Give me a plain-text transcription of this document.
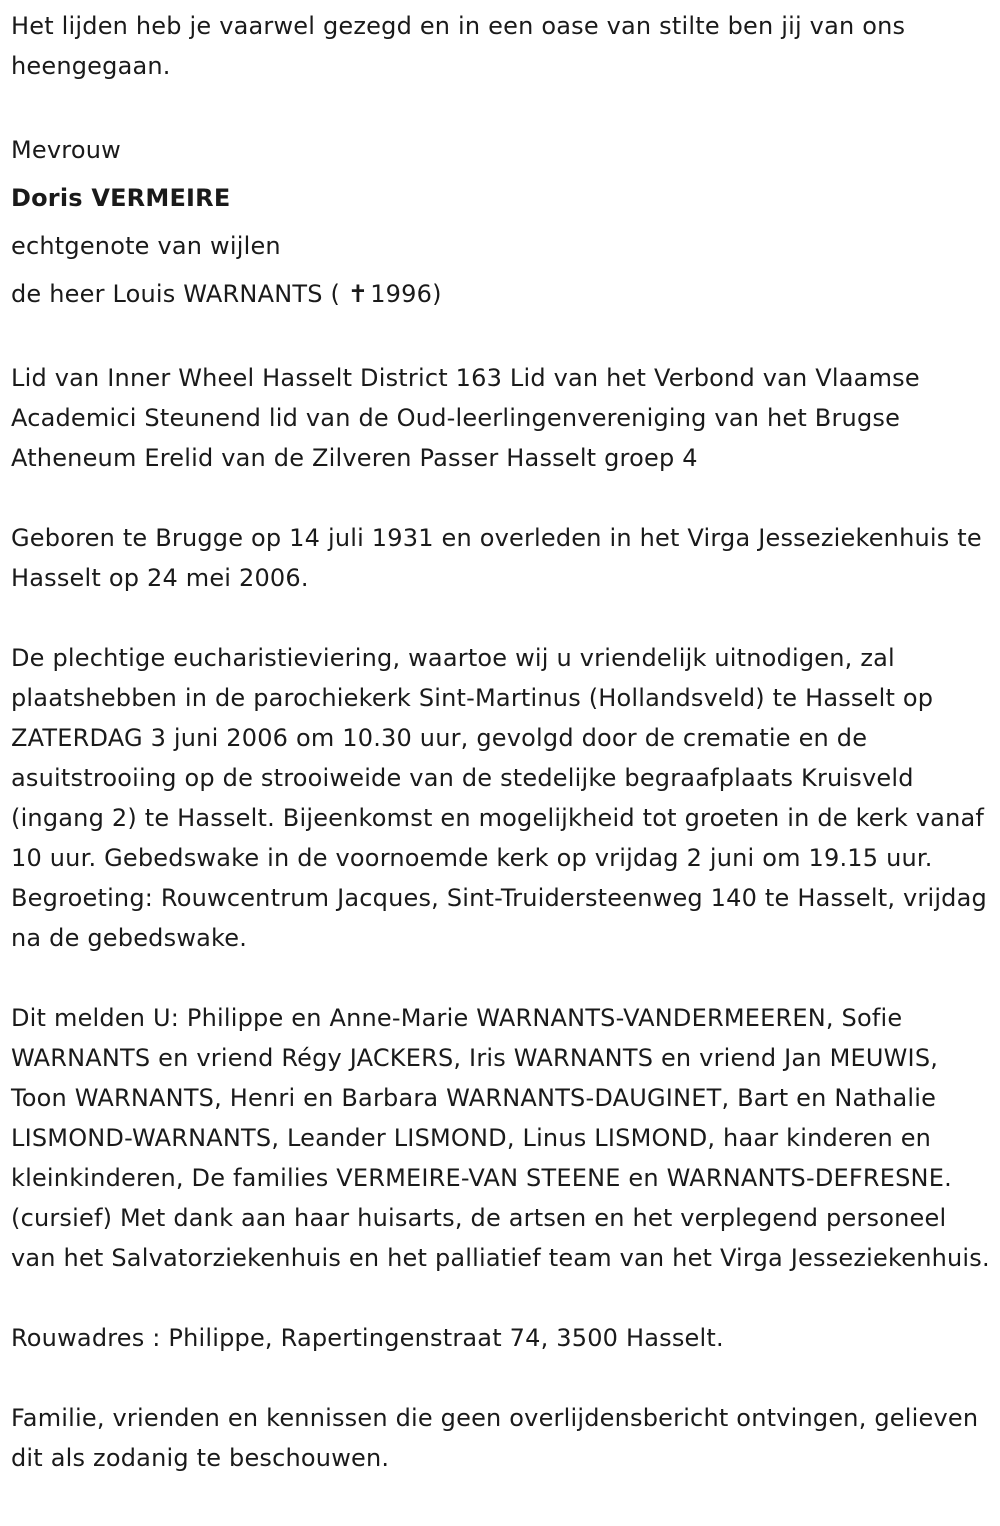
Het lijden heb je vaarwel gezegd en in een oase van stilte ben jij van ons heengegaan.

Mevrouw

Doris VERMEIRE

echtgenote van wijlen

de heer Louis WARNANTS ( ✝1996)

Lid van Inner Wheel Hasselt District 163 Lid van het Verbond van Vlaamse Academici Steunend lid van de Oud-leerlingenvereniging van het Brugse Atheneum Erelid van de Zilveren Passer Hasselt groep 4

Geboren te Brugge op 14 juli 1931 en overleden in het Virga Jesseziekenhuis te Hasselt op 24 mei 2006.

De plechtige eucharistieviering, waartoe wij u vriendelijk uitnodigen, zal plaatshebben in de parochiekerk Sint-Martinus (Hollandsveld) te Hasselt op ZATERDAG 3 juni 2006 om 10.30 uur, gevolgd door de crematie en de asuitstrooiing op de strooiweide van de stedelijke begraafplaats Kruisveld (ingang 2) te Hasselt. Bijeenkomst en mogelijkheid tot groeten in de kerk vanaf 10 uur. Gebedswake in de voornoemde kerk op vrijdag 2 juni om 19.15 uur. Begroeting: Rouwcentrum Jacques, Sint-Truidersteenweg 140 te Hasselt, vrijdag na de gebedswake.

Dit melden U: Philippe en Anne-Marie WARNANTS-VANDERMEEREN, Sofie WARNANTS en vriend Régy JACKERS, Iris WARNANTS en vriend Jan MEUWIS, Toon WARNANTS, Henri en Barbara WARNANTS-DAUGINET, Bart en Nathalie LISMOND-WARNANTS, Leander LISMOND, Linus LISMOND, haar kinderen en kleinkinderen, De families VERMEIRE-VAN STEENE en WARNANTS-DEFRESNE. (cursief) Met dank aan haar huisarts, de artsen en het verplegend personeel van het Salvatorziekenhuis en het palliatief team van het Virga Jesseziekenhuis.

Rouwadres : Philippe, Rapertingenstraat 74, 3500 Hasselt.

Familie, vrienden en kennissen die geen overlijdensbericht ontvingen, gelieven dit als zodanig te beschouwen.
